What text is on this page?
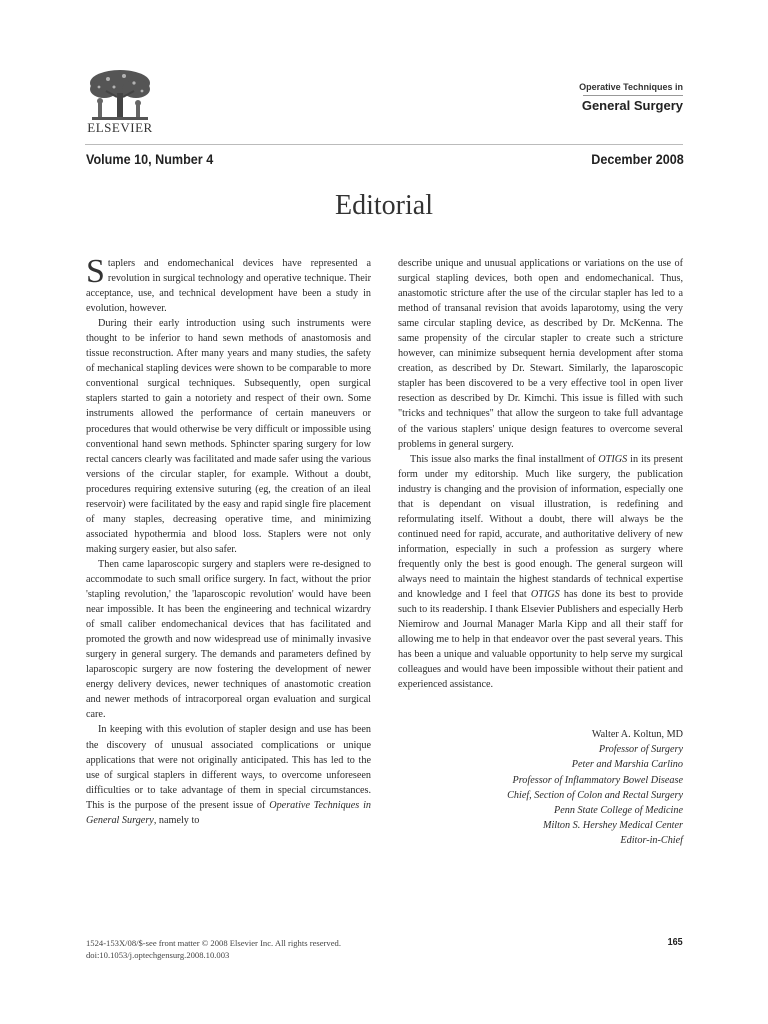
ELSEVIER
Operative Techniques in
General Surgery
Volume 10, Number 4	December 2008
Editorial

Staplers and endomechanical devices have represented a revolution in surgical technology and operative technique. Their acceptance, use, and technical development have been a study in evolution, however.

During their early introduction using such instruments were thought to be inferior to hand sewn methods of anastomosis and tissue reconstruction. After many years and many studies, the safety of mechanical stapling devices were shown to be comparable to more conventional surgical techniques. Subsequently, open surgical staplers started to gain a notoriety and respect of their own. Some instruments allowed the performance of certain maneuvers or procedures that would otherwise be very difficult or impossible using conventional hand sewn methods. Sphincter sparing surgery for low rectal cancers clearly was facilitated and made safer using the various versions of the circular stapler, for example. Without a doubt, procedures requiring extensive suturing (eg, the creation of an ileal reservoir) were facilitated by the easy and rapid single fire placement of many staples, decreasing operative time, and minimizing associated hypothermia and blood loss. Staplers were not only making surgery easier, but also safer.

Then came laparoscopic surgery and staplers were re-designed to accommodate to such small orifice surgery. In fact, without the prior 'stapling revolution,' the 'laparoscopic revolution' would have been near impossible. It has been the engineering and technical wizardry of small caliber endomechanical devices that has facilitated and promoted the growth and now widespread use of minimally invasive surgery in general surgery. The demands and parameters defined by laparoscopic surgery are now fostering the development of newer energy delivery devices, newer techniques of anastomotic creation and newer methods of intracorporeal organ evaluation and surgical care.

In keeping with this evolution of stapler design and use has been the discovery of unusual associated complications or unique applications that were not originally anticipated. This has led to the use of surgical staplers in different ways, to overcome unforeseen difficulties or to take advantage of them in special circumstances. This is the purpose of the present issue of Operative Techniques in General Surgery, namely to

describe unique and unusual applications or variations on the use of surgical stapling devices, both open and endomechanical. Thus, anastomotic stricture after the use of the circular stapler has led to a method of transanal revision that avoids laparotomy, using the very same circular stapling device, as described by Dr. McKenna. The same propensity of the circular stapler to create such a stricture however, can minimize subsequent hernia development after stoma creation, as described by Dr. Stewart. Similarly, the laparoscopic stapler has been discovered to be a very effective tool in open liver resection as described by Dr. Kimchi. This issue is filled with such "tricks and techniques" that allow the surgeon to take full advantage of the various staplers' unique design features to overcome several problems in general surgery.

This issue also marks the final installment of OTIGS in its present form under my editorship. Much like surgery, the publication industry is changing and the provision of information, especially one that is dependant on visual illustration, is redefining and reformulating itself. Without a doubt, there will always be the continued need for rapid, accurate, and authoritative delivery of new information, especially in such a profession as surgery where frequently only the best is good enough. The general surgeon will always need to maintain the highest standards of technical expertise and knowledge and I feel that OTIGS has done its best to provide such to its readership. I thank Elsevier Publishers and especially Herb Niemirow and Journal Manager Marla Kipp and all their staff for allowing me to help in that endeavor over the past several years. This has been a unique and valuable opportunity to help serve my surgical colleagues and would have been impossible without their patient and experienced assistance.

Walter A. Koltun, MD
Professor of Surgery
Peter and Marshia Carlino
Professor of Inflammatory Bowel Disease
Chief, Section of Colon and Rectal Surgery
Penn State College of Medicine
Milton S. Hershey Medical Center
Editor-in-Chief
1524-153X/08/$-see front matter © 2008 Elsevier Inc. All rights reserved.
doi:10.1053/j.optechgensurg.2008.10.003
165
